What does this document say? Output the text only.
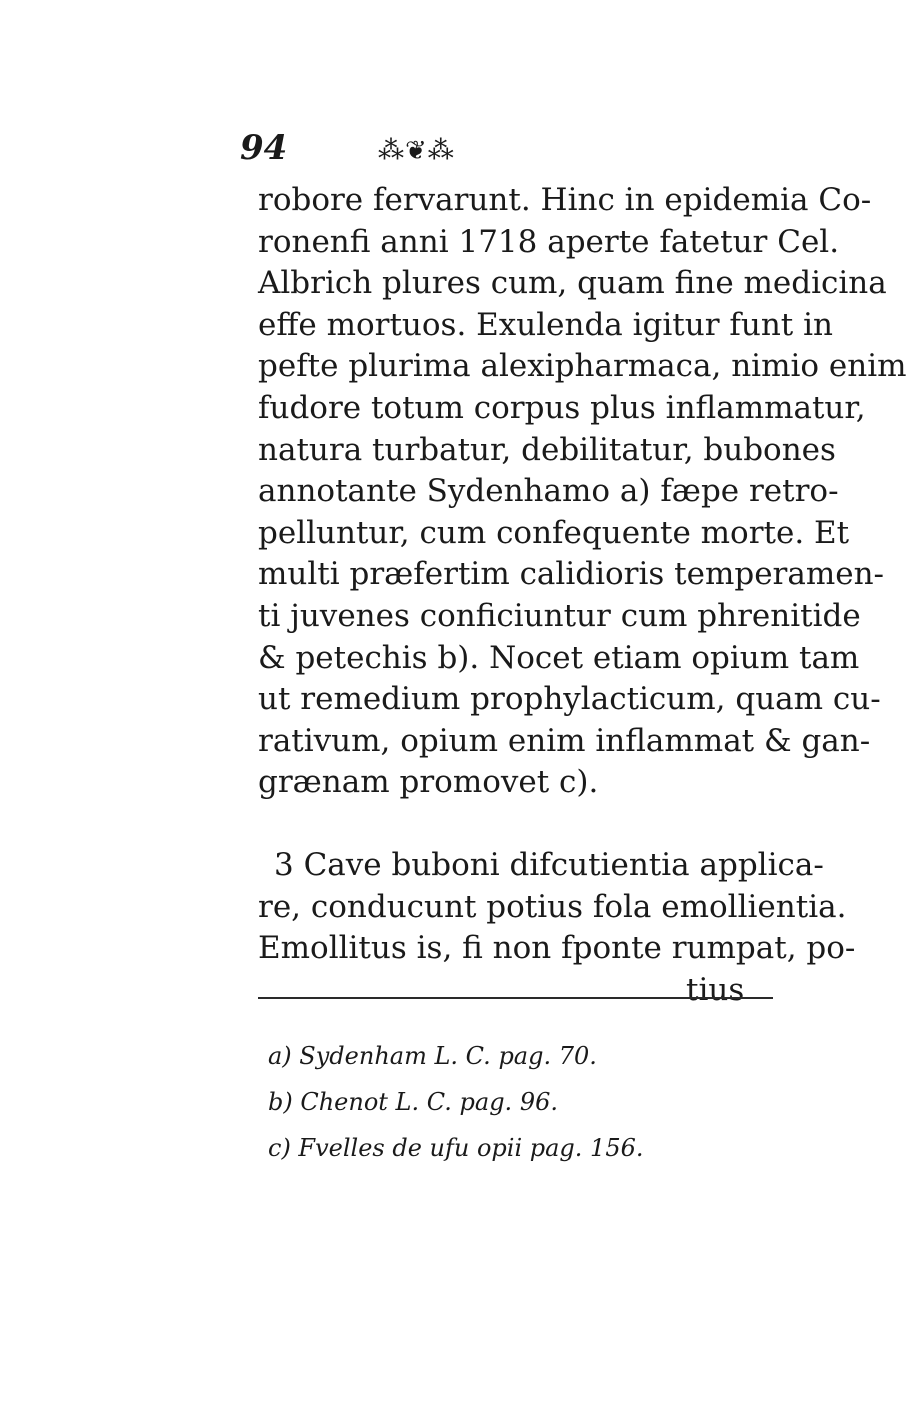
94	⁂❦⁂

robore fervarunt. Hinc in epidemia Co-
ronenfi anni 1718 aperte fatetur Cel.
Albrich plures cum, quam fine medicina
effe mortuos. Exulenda igitur funt in
pefte plurima alexipharmaca, nimio enim
fudore totum corpus plus inflammatur,
natura turbatur, debilitatur, bubones
annotante Sydenhamo a) fæpe retro-
pelluntur, cum confequente morte. Et
multi præfertim calidioris temperamen-
ti juvenes conficiuntur cum phrenitide
& petechis b). Nocet etiam opium tam
ut remedium prophylacticum, quam cu-
rativum, opium enim inflammat & gan-
grænam promovet c).

3 Cave buboni difcutientia applica-
re, conducunt potius fola emollientia.
Emollitus is, fi non fponte rumpat, po-
tius

a) Sydenham L. C. pag. 70.
b) Chenot L. C. pag. 96.
c) Fvelles de ufu opii pag. 156.
